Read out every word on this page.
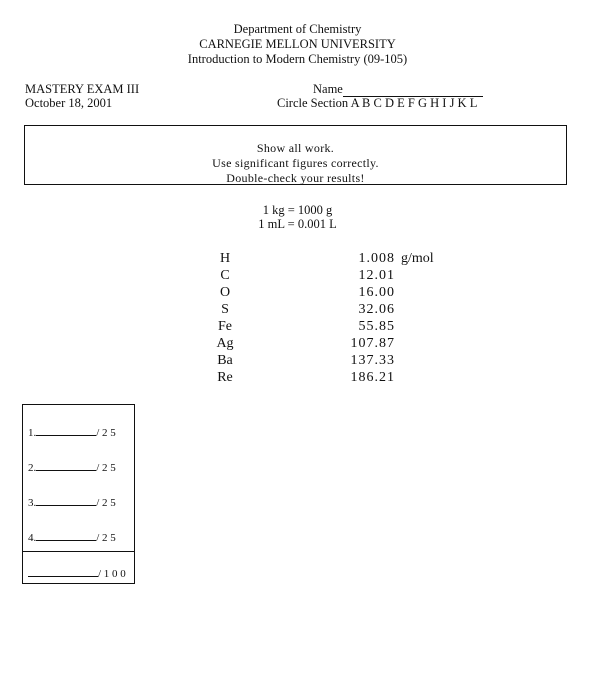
Department of Chemistry
CARNEGIE MELLON UNIVERSITY
Introduction to Modern Chemistry (09-105)
MASTERY EXAM III
October 18, 2001
Name
Circle Section A B C D E F G H I J K L
Show all work.
Use significant figures correctly.
Double-check your results!
1 kg = 1000 g
1 mL = 0.001 L
H	1.008 g/mol
C	12.01
O	16.00
S	32.06
Fe	55.85
Ag	107.87
Ba	137.33
Re	186.21
1.	/ 2 5
2.	/ 2 5
3.	/ 2 5
4.	/ 2 5
/ 1 0 0
